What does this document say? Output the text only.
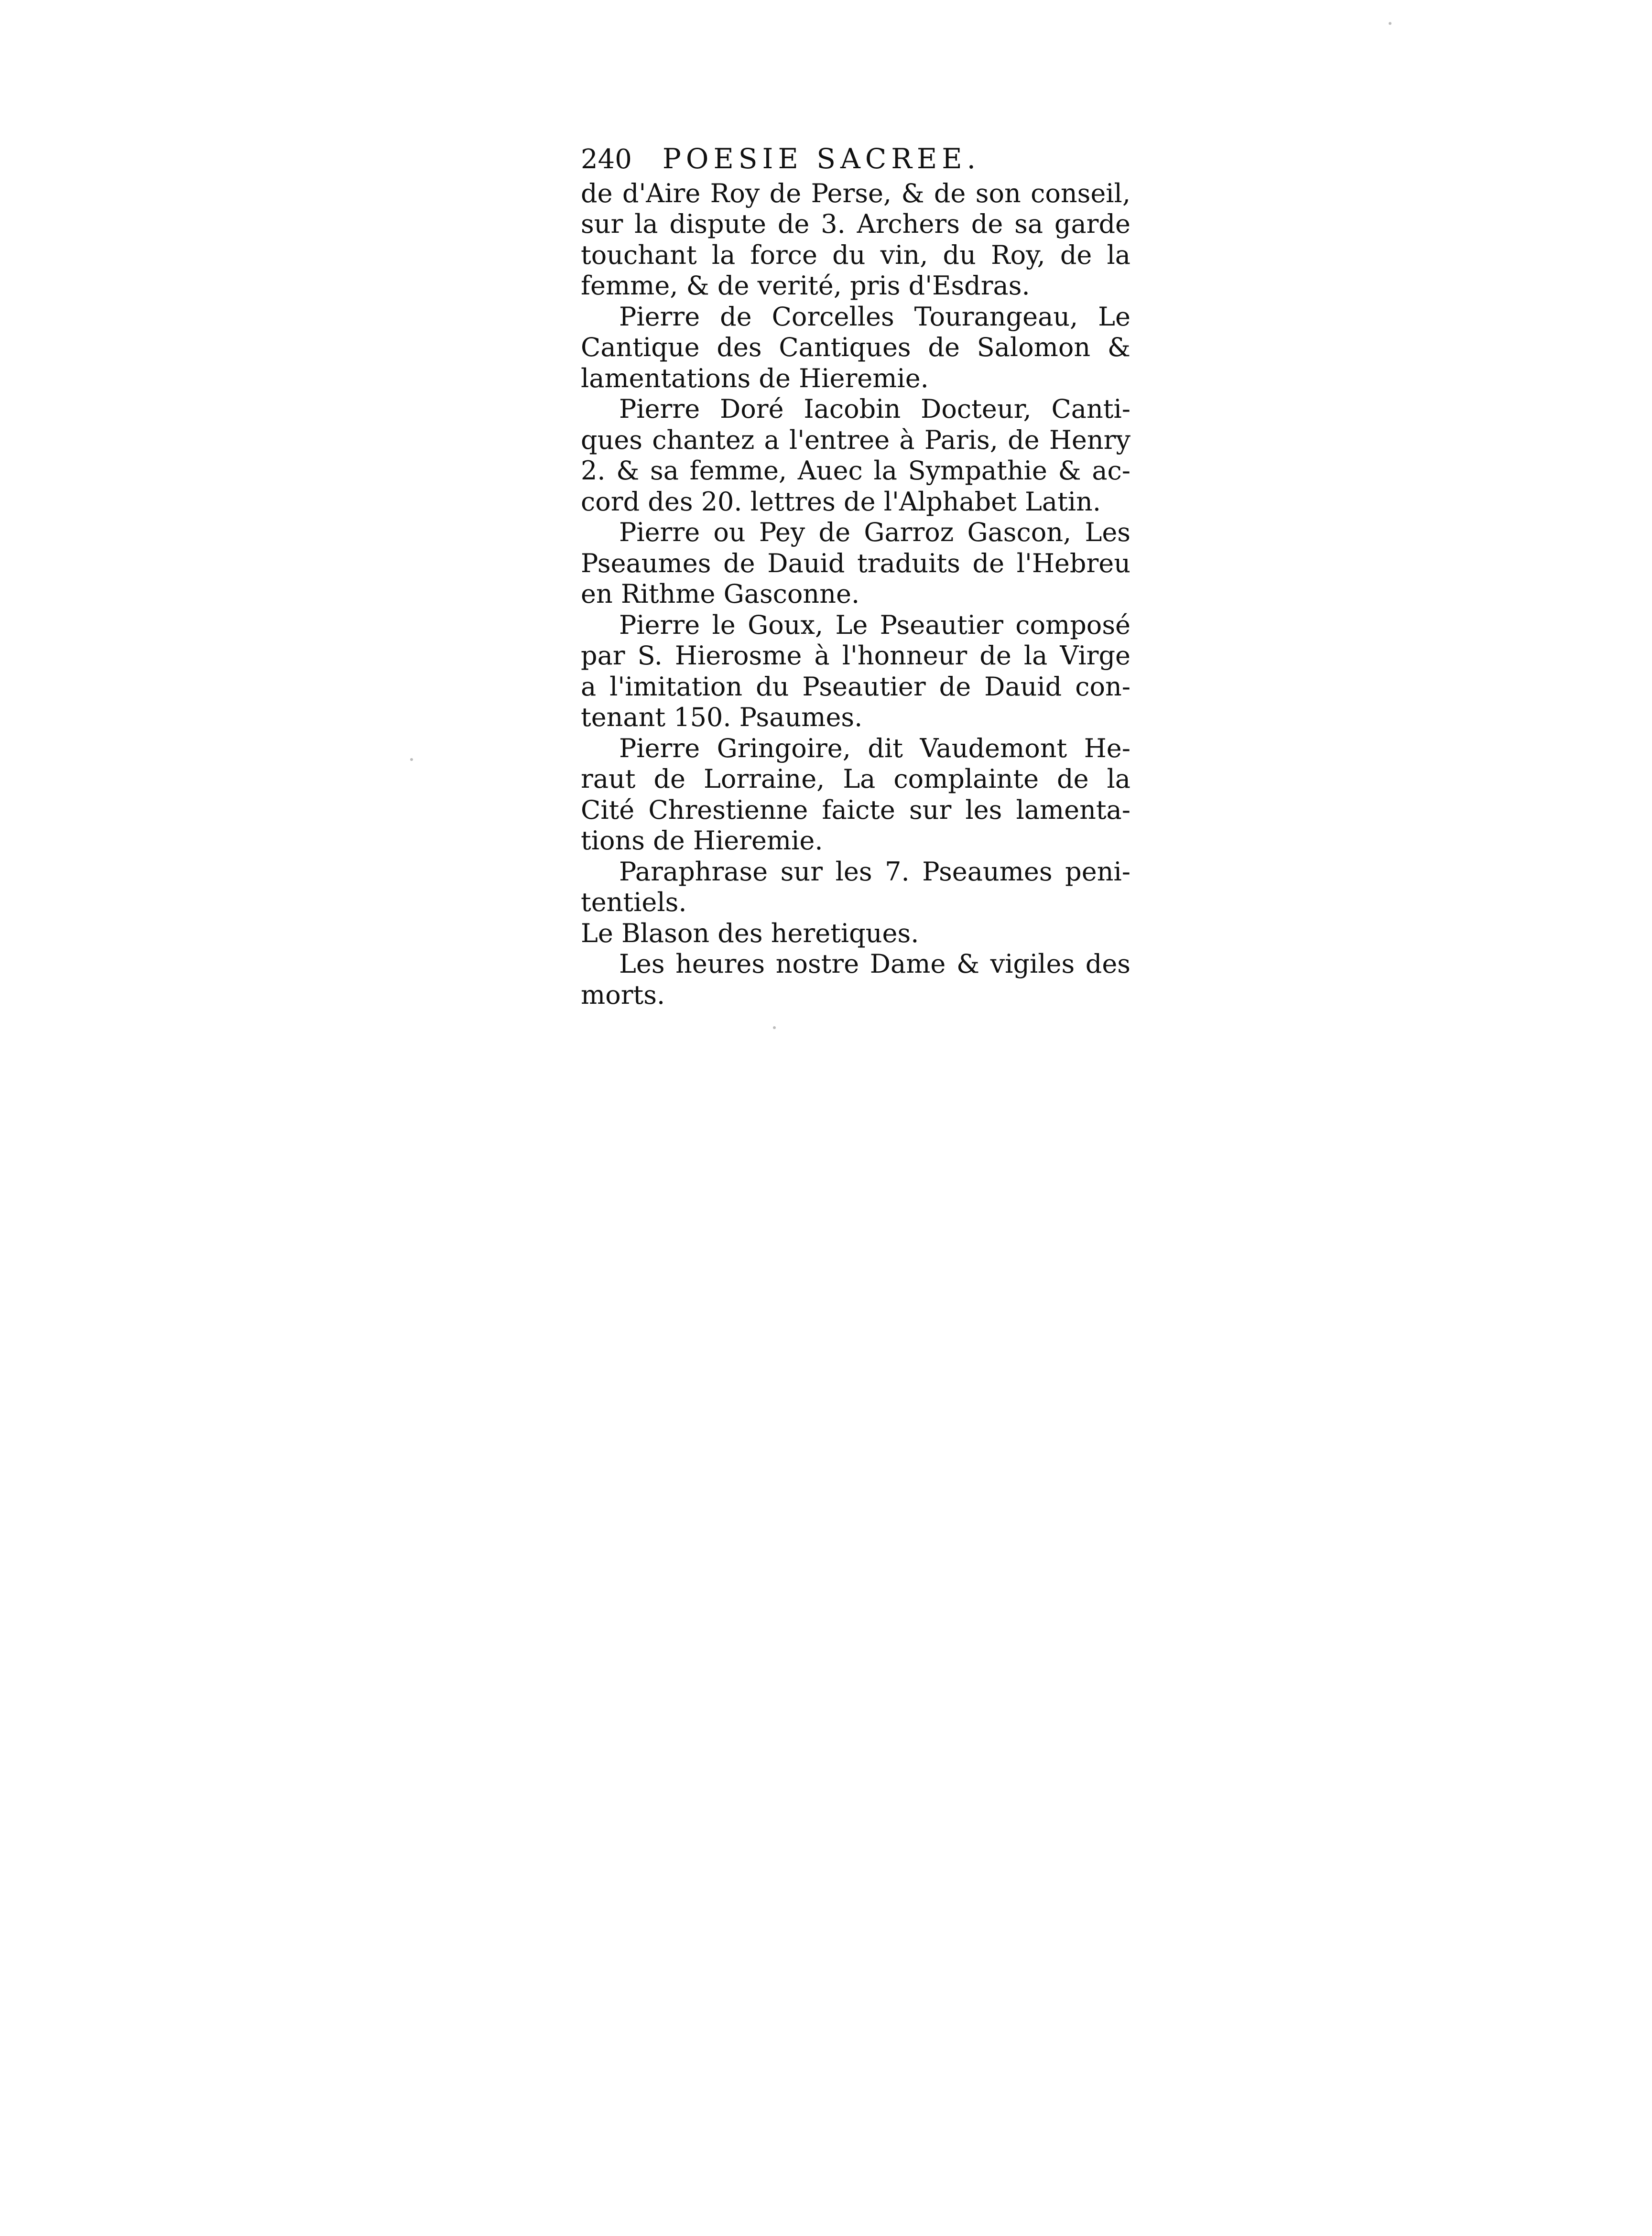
240 POESIE SACREE.
de d'Aire Roy de Perse, & de son conseil,
sur la dispute de 3. Archers de sa garde
touchant la force du vin, du Roy, de la
femme, & de verité, pris d'Esdras.
Pierre de Corcelles Tourangeau, Le
Cantique des Cantiques de Salomon &
lamentations de Hieremie.
Pierre Doré Iacobin Docteur, Canti-
ques chantez a l'entree à Paris, de Henry
2. & sa femme, Auec la Sympathie & ac-
cord des 20. lettres de l'Alphabet Latin.
Pierre ou Pey de Garroz Gascon, Les
Pseaumes de Dauid traduits de l'Hebreu
en Rithme Gasconne.
Pierre le Goux, Le Pseautier composé
par S. Hierosme à l'honneur de la Virge
a l'imitation du Pseautier de Dauid con-
tenant 150. Psaumes.
Pierre Gringoire, dit Vaudemont He-
raut de Lorraine, La complainte de la
Cité Chrestienne faicte sur les lamenta-
tions de Hieremie.
Paraphrase sur les 7. Pseaumes peni-
tentiels.
Le Blason des heretiques.
Les heures nostre Dame & vigiles des
morts.
